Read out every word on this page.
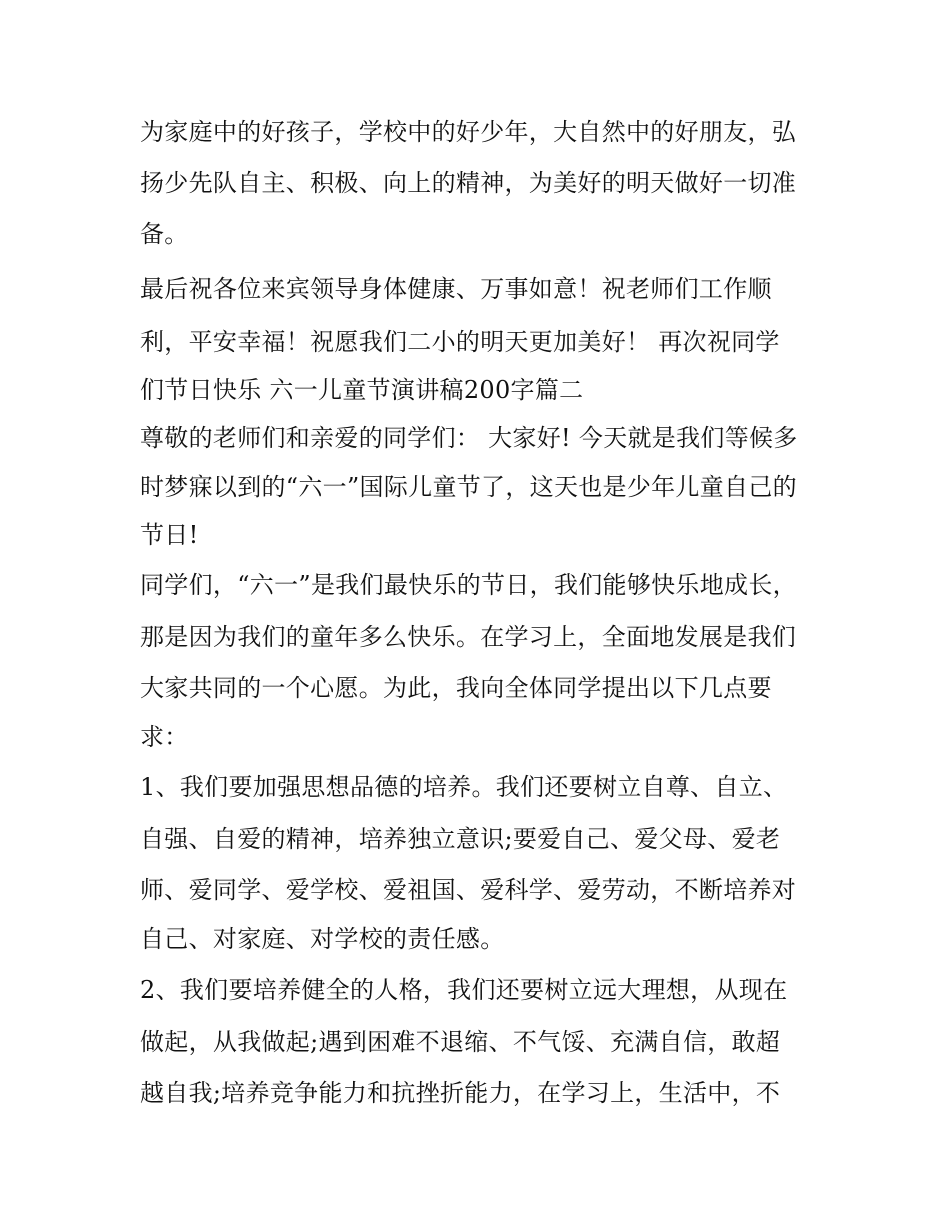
为家庭中的好孩子，学校中的好少年，大自然中的好朋友，弘
扬少先队自主、积极、向上的精神，为美好的明天做好一切准
备。
最后祝各位来宾领导身体健康、万事如意！祝老师们工作顺
利，平安幸福！祝愿我们二小的明天更加美好！ 再次祝同学
们节日快乐 六一儿童节演讲稿200字篇二
尊敬的老师们和亲爱的同学们： 大家好! 今天就是我们等候多
时梦寐以到的“六一”国际儿童节了，这天也是少年儿童自己的
节日!
同学们，“六一”是我们最快乐的节日，我们能够快乐地成长，
那是因为我们的童年多么快乐。在学习上，全面地发展是我们
大家共同的一个心愿。为此，我向全体同学提出以下几点要
求：
1、我们要加强思想品德的培养。我们还要树立自尊、自立、
自强、自爱的精神，培养独立意识;要爱自己、爱父母、爱老
师、爱同学、爱学校、爱祖国、爱科学、爱劳动，不断培养对
自己、对家庭、对学校的责任感。
2、我们要培养健全的人格，我们还要树立远大理想，从现在
做起，从我做起;遇到困难不退缩、不气馁、充满自信，敢超
越自我;培养竞争能力和抗挫折能力，在学习上，生活中，不
